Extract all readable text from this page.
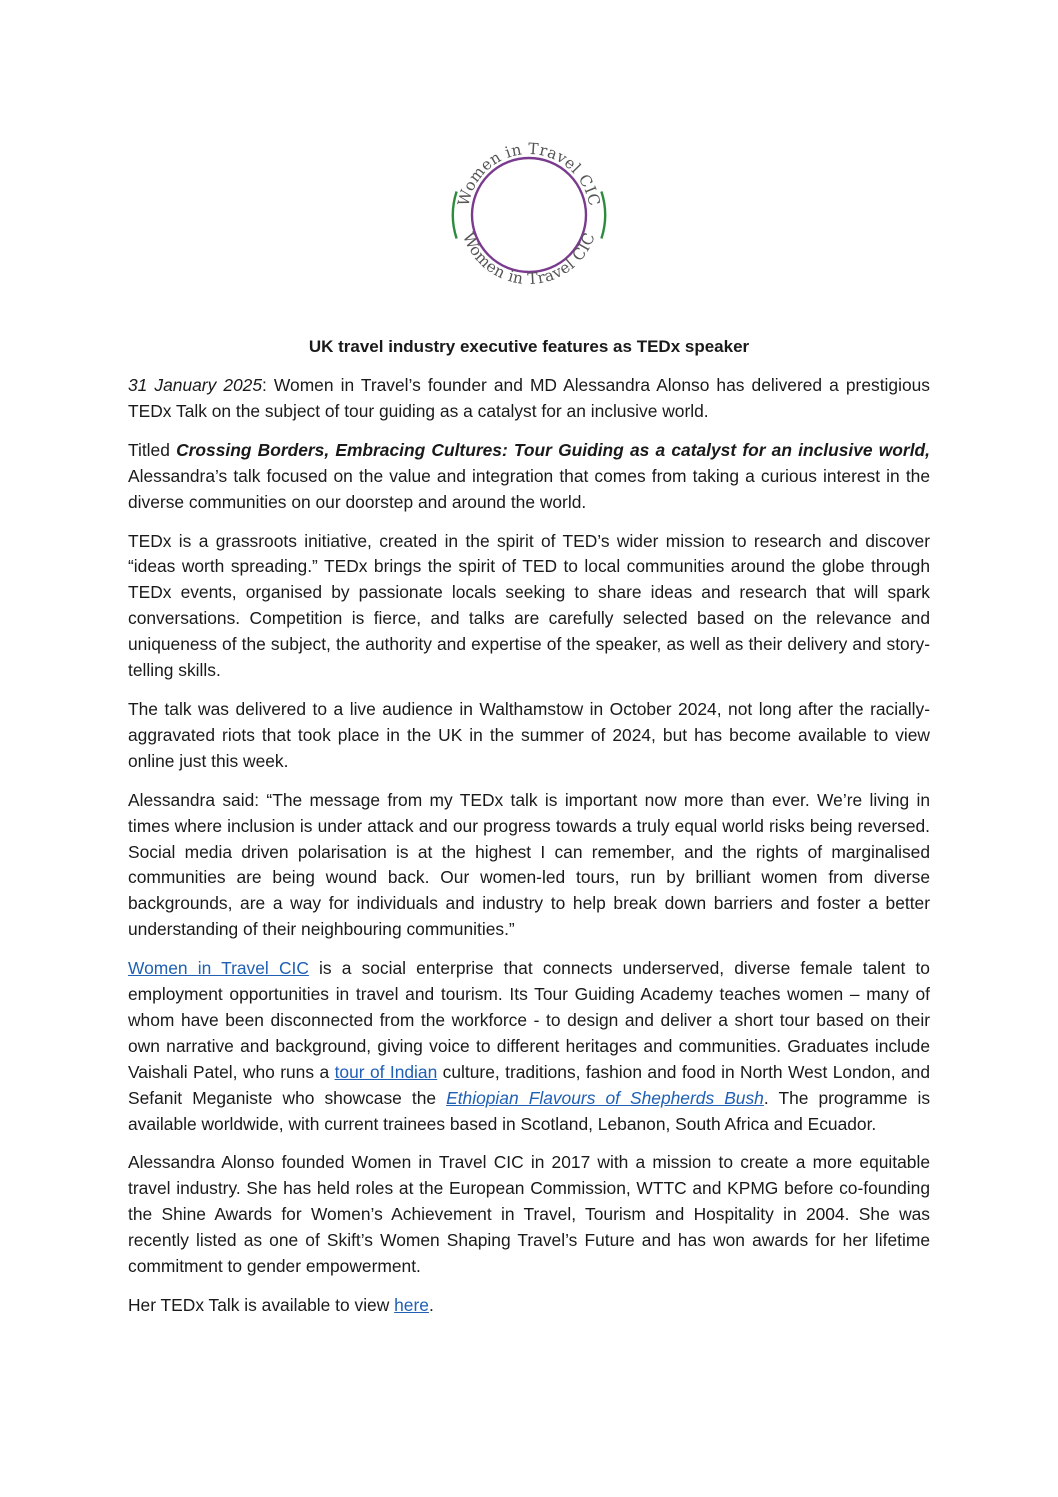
Women in Travel CIC
Women in Travel CIC
UK travel industry executive features as TEDx speaker

31 January 2025: Women in Travel’s founder and MD Alessandra Alonso has delivered a prestigious TEDx Talk on the subject of tour guiding as a catalyst for an inclusive world.

Titled Crossing Borders, Embracing Cultures: Tour Guiding as a catalyst for an inclusive world, Alessandra’s talk focused on the value and integration that comes from taking a curious interest in the diverse communities on our doorstep and around the world.

TEDx is a grassroots initiative, created in the spirit of TED’s wider mission to research and discover “ideas worth spreading.” TEDx brings the spirit of TED to local communities around the globe through TEDx events, organised by passionate locals seeking to share ideas and research that will spark conversations. Competition is fierce, and talks are carefully selected based on the relevance and uniqueness of the subject, the authority and expertise of the speaker, as well as their delivery and story-telling skills.

The talk was delivered to a live audience in Walthamstow in October 2024, not long after the racially-aggravated riots that took place in the UK in the summer of 2024, but has become available to view online just this week.

Alessandra said: “The message from my TEDx talk is important now more than ever. We’re living in times where inclusion is under attack and our progress towards a truly equal world risks being reversed. Social media driven polarisation is at the highest I can remember, and the rights of marginalised communities are being wound back. Our women-led tours, run by brilliant women from diverse backgrounds, are a way for individuals and industry to help break down barriers and foster a better understanding of their neighbouring communities.”

Women in Travel CIC is a social enterprise that connects underserved, diverse female talent to employment opportunities in travel and tourism. Its Tour Guiding Academy teaches women – many of whom have been disconnected from the workforce - to design and deliver a short tour based on their own narrative and background, giving voice to different heritages and communities. Graduates include Vaishali Patel, who runs a tour of Indian culture, traditions, fashion and food in North West London, and Sefanit Meganiste who showcase the Ethiopian Flavours of Shepherds Bush. The programme is available worldwide, with current trainees based in Scotland, Lebanon, South Africa and Ecuador.

Alessandra Alonso founded Women in Travel CIC in 2017 with a mission to create a more equitable travel industry. She has held roles at the European Commission, WTTC and KPMG before co-founding the Shine Awards for Women’s Achievement in Travel, Tourism and Hospitality in 2004. She was recently listed as one of Skift’s Women Shaping Travel’s Future and has won awards for her lifetime commitment to gender empowerment.

Her TEDx Talk is available to view here.
